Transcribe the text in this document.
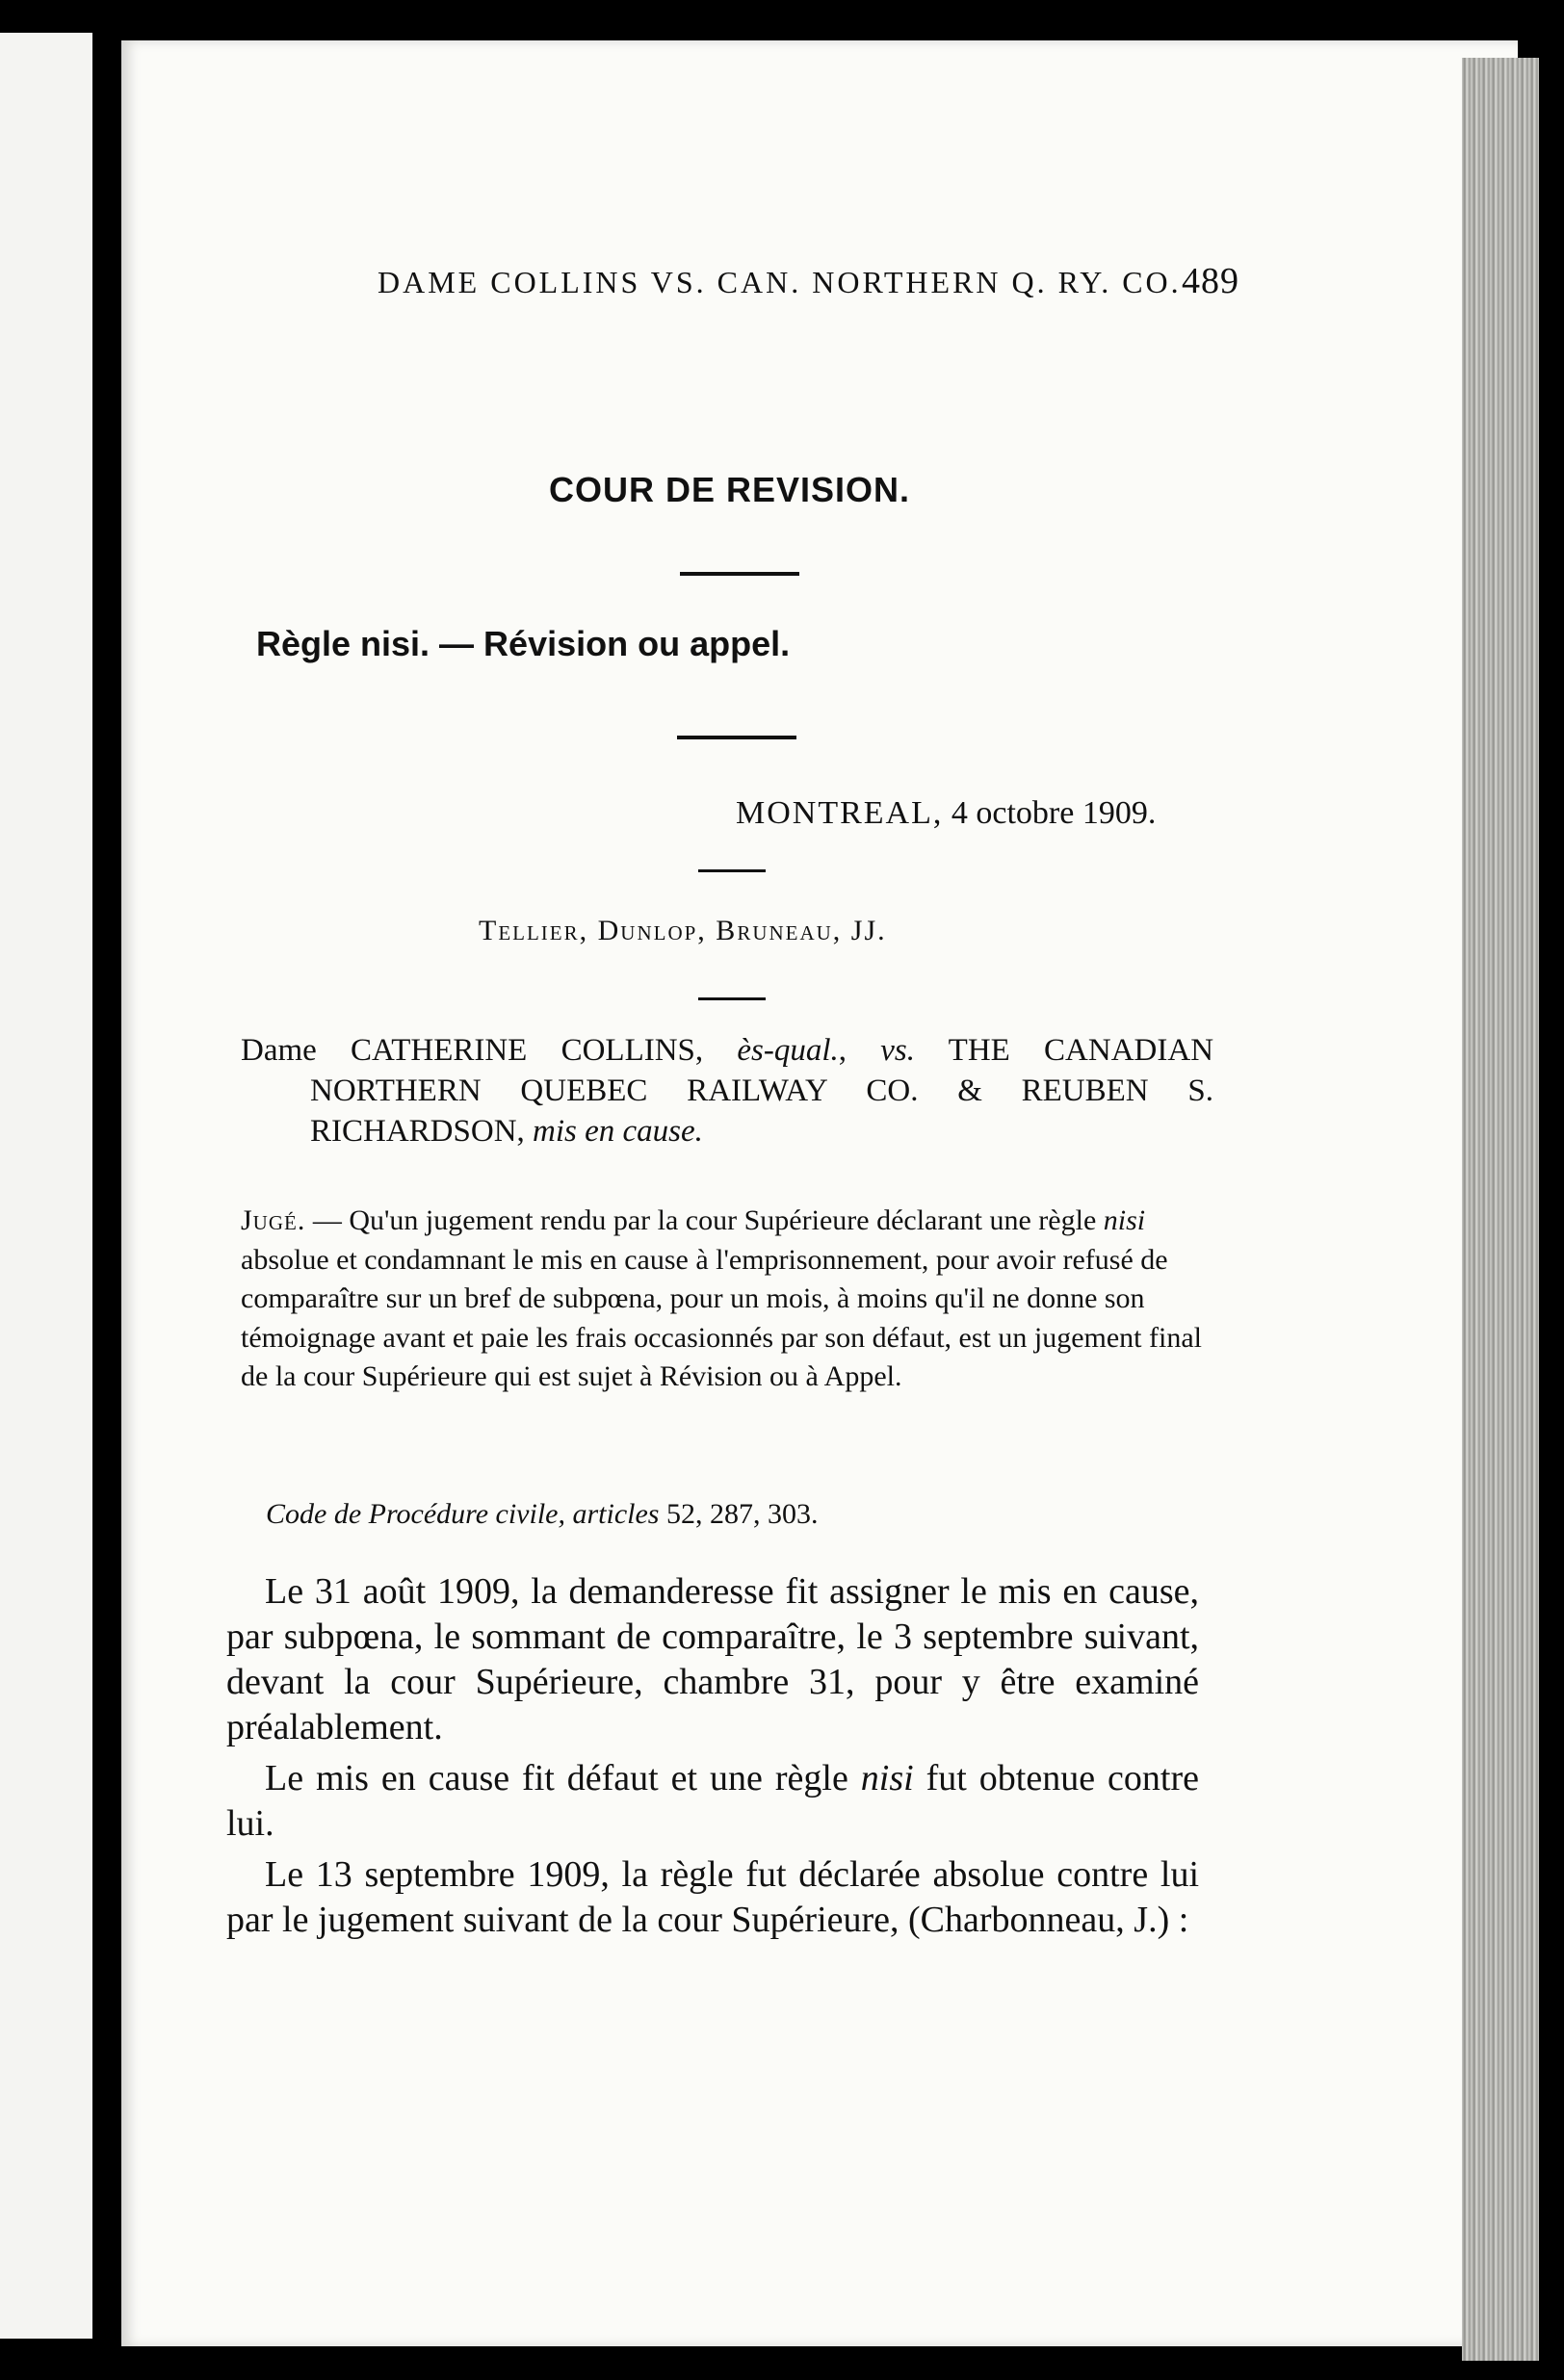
DAME COLLINS VS. CAN. NORTHERN Q. RY. CO. 489
COUR DE REVISION.
Règle nisi. — Révision ou appel.
MONTREAL, 4 octobre 1909.
Tellier, Dunlop, Bruneau, JJ.
Dame CATHERINE COLLINS, ès-qual., vs. THE CANADIAN
NORTHERN QUEBEC RAILWAY CO. & REUBEN S.
RICHARDSON, mis en cause.
Jugé. — Qu'un jugement rendu par la cour Supérieure déclarant une règle nisi absolue et condamnant le mis en cause à l'emprisonnement, pour avoir refusé de comparaître sur un bref de subpœna, pour un mois, à moins qu'il ne donne son témoignage avant et paie les frais occasionnés par son défaut, est un jugement final de la cour Supérieure qui est sujet à Révision ou à Appel.
Code de Procédure civile, articles 52, 287, 303.

Le 31 août 1909, la demanderesse fit assigner le mis en cause, par subpœna, le sommant de comparaître, le 3 septembre suivant, devant la cour Supérieure, chambre 31, pour y être examiné préalablement.

Le mis en cause fit défaut et une règle nisi fut obtenue contre lui.

Le 13 septembre 1909, la règle fut déclarée absolue contre lui par le jugement suivant de la cour Supérieure, (Charbonneau, J.) :
